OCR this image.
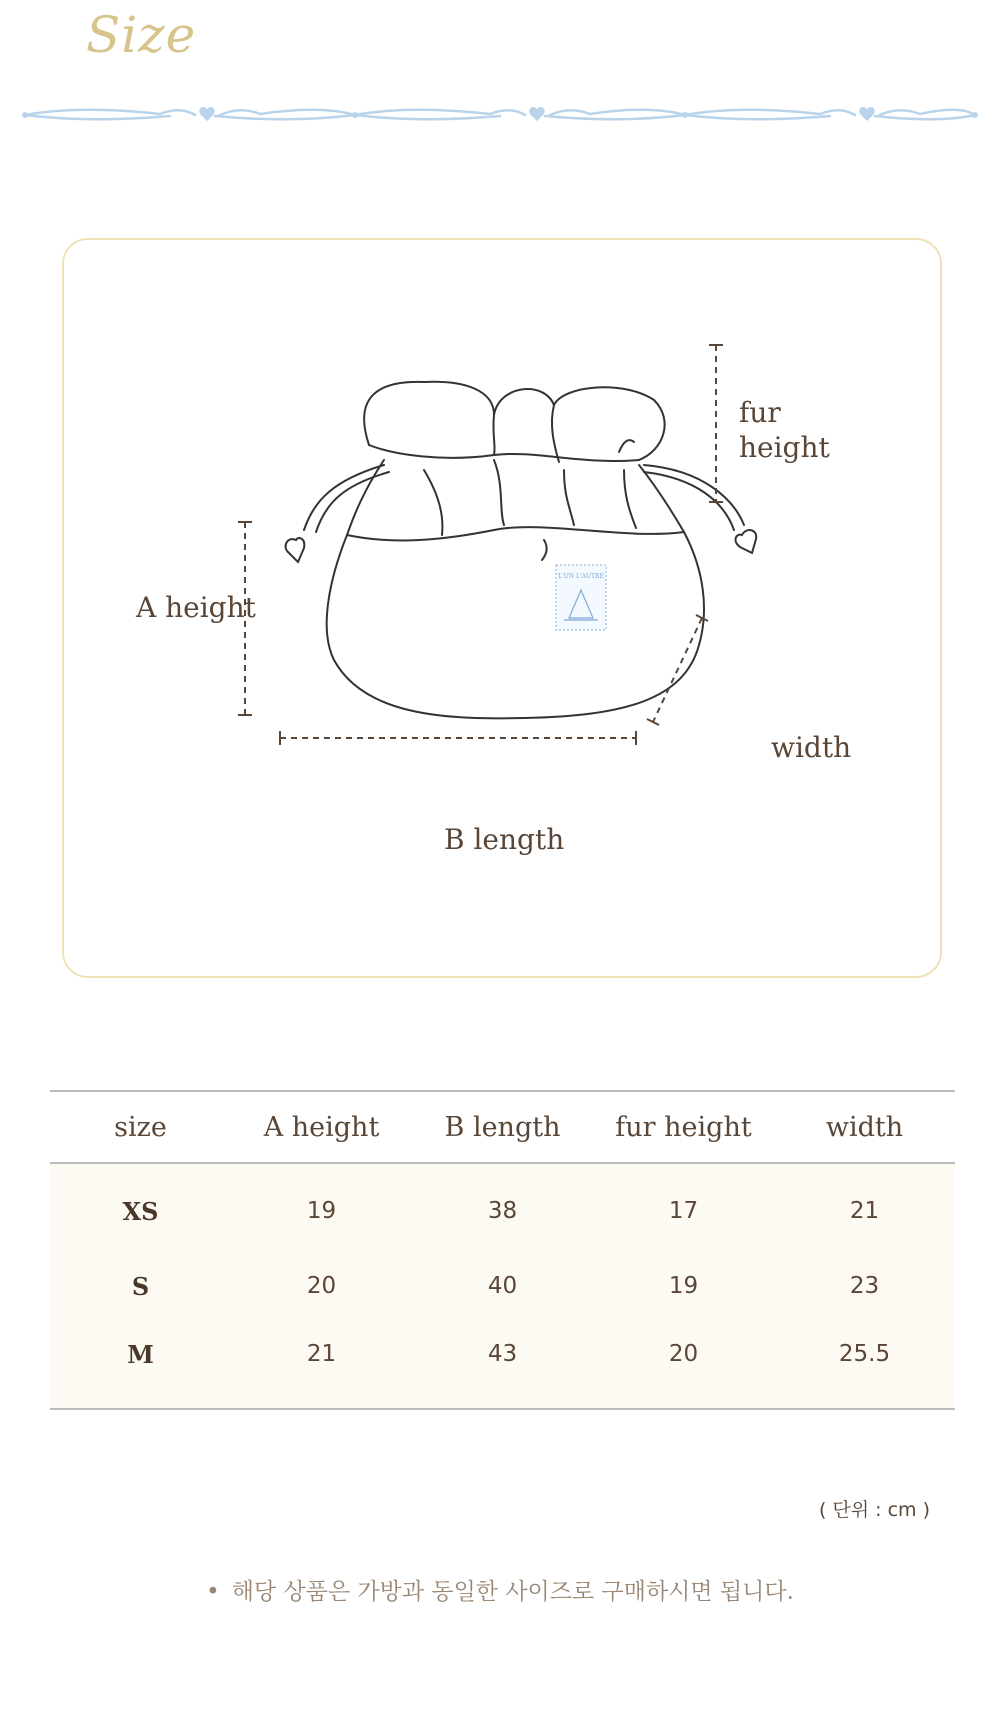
Size
L'UN L'AUTRE
fur
height
A height
width
B length
size	A height	B length	fur height	width
XS	19	38	17	21
S	20	40	19	23
M	21	43	20	25.5
( 단위 : cm )
• 해당 상품은 가방과 동일한 사이즈로 구매하시면 됩니다.
